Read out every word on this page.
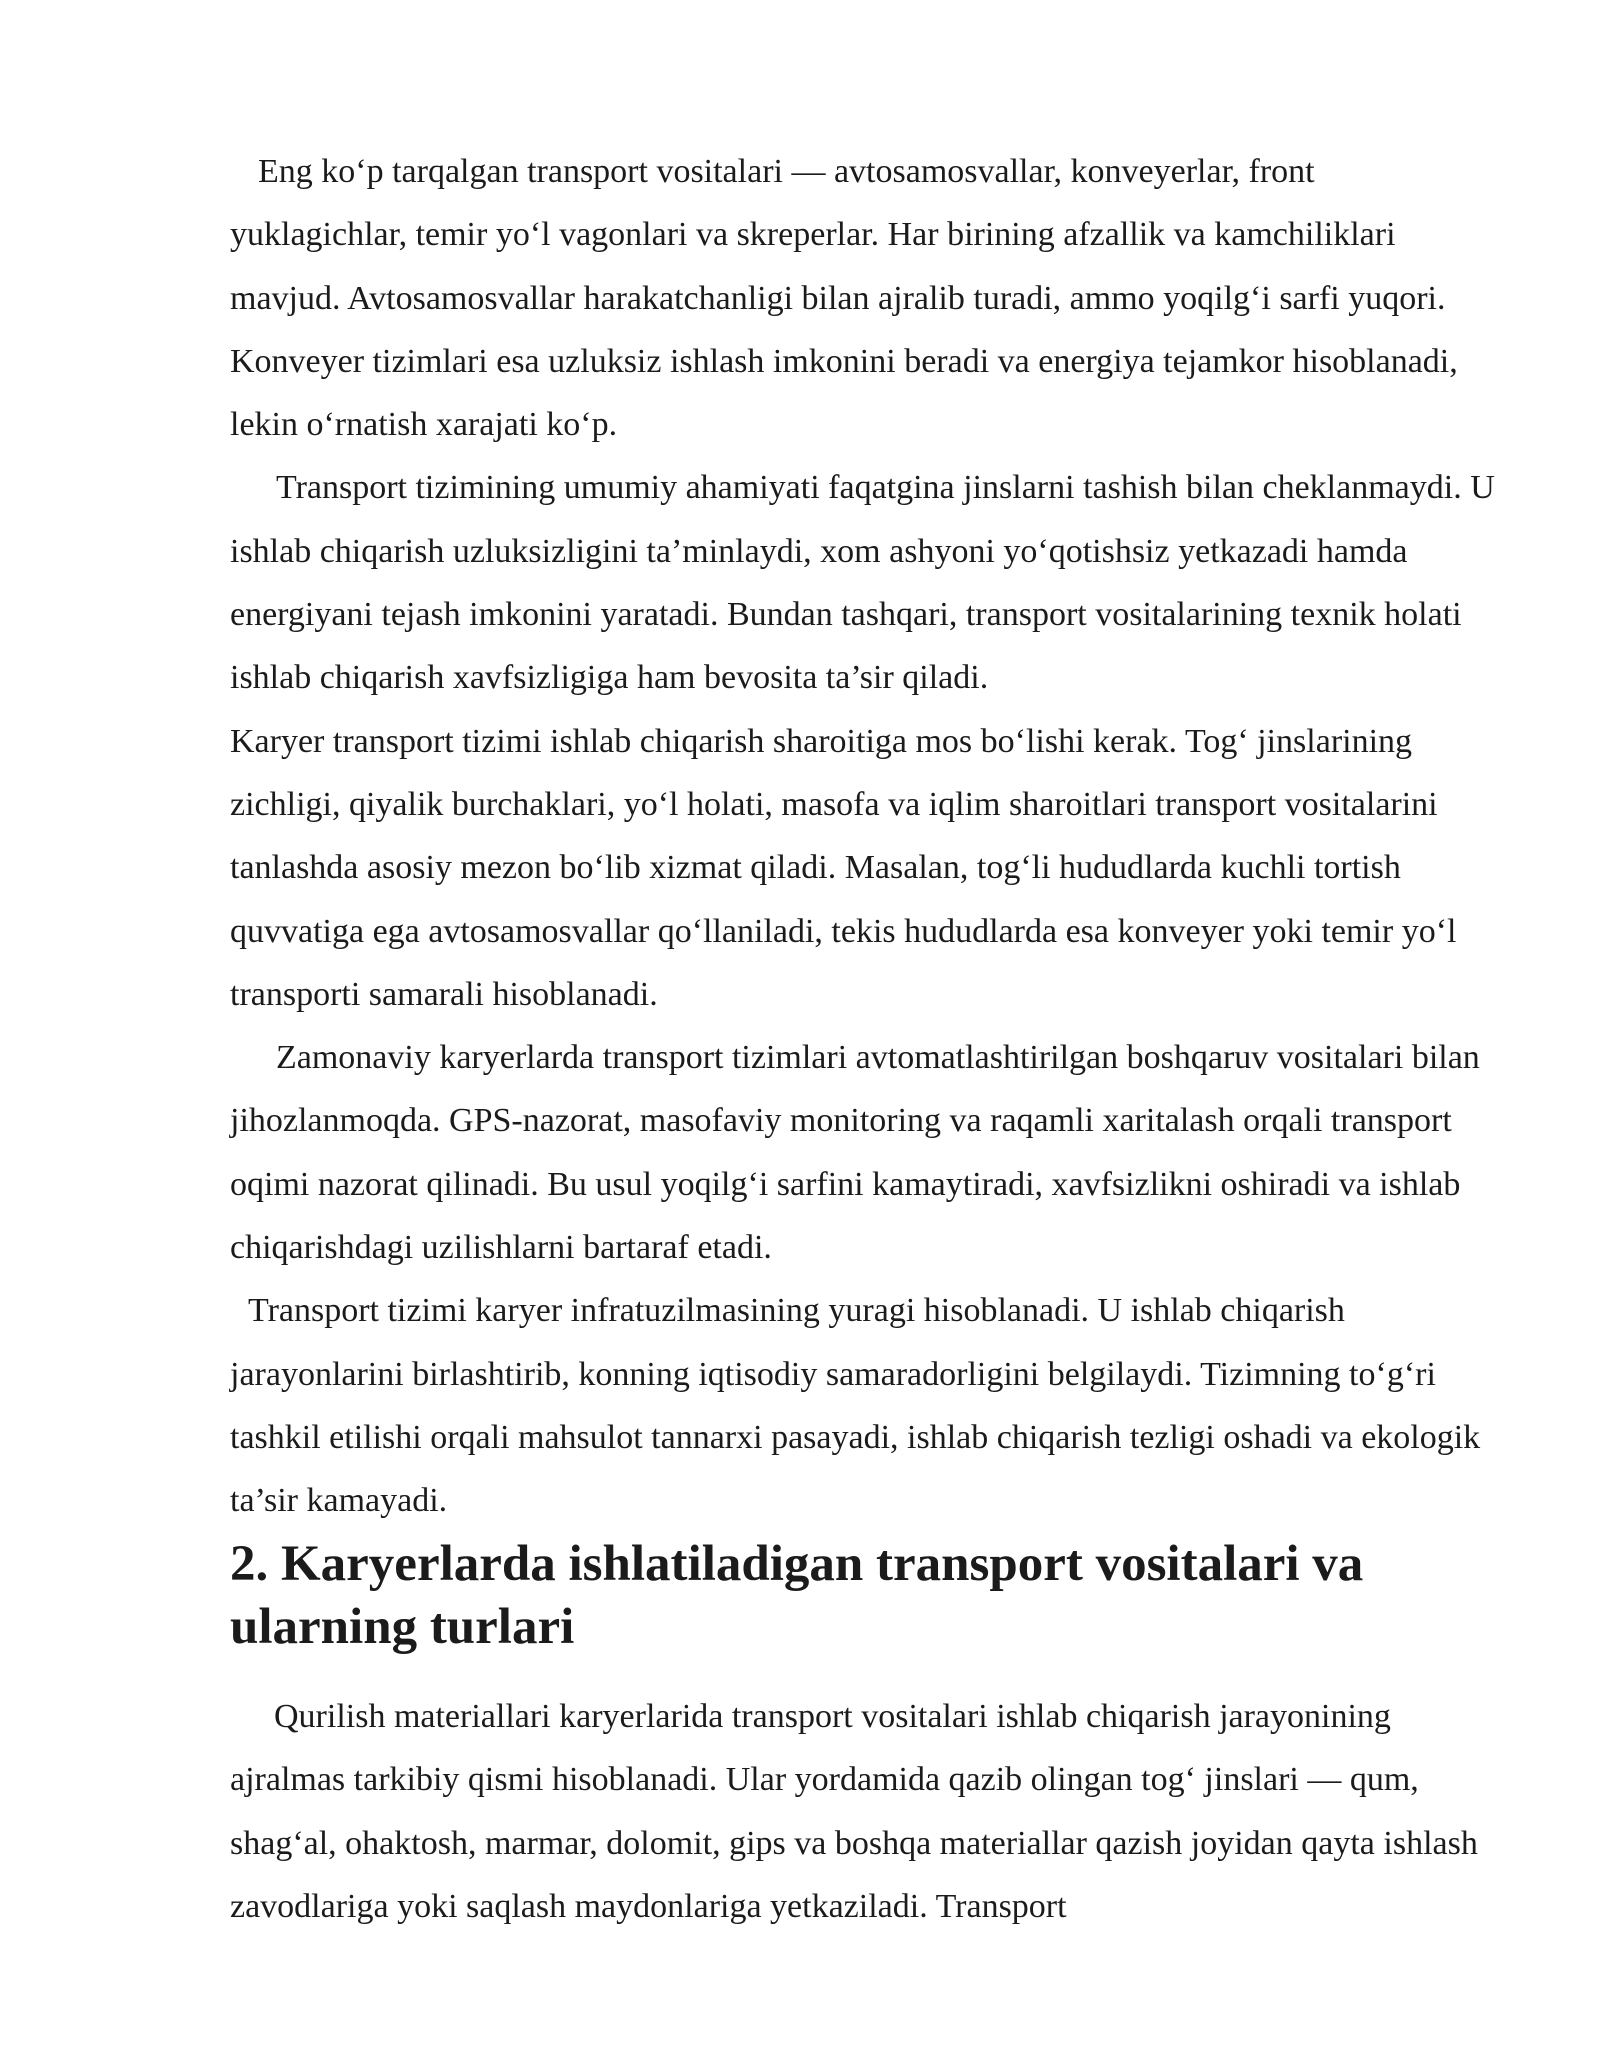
Eng ko‘p tarqalgan transport vositalari — avtosamosvallar, konveyerlar, front yuklagichlar, temir yo‘l vagonlari va skreperlar. Har birining afzallik va kamchiliklari mavjud. Avtosamosvallar harakatchanligi bilan ajralib turadi, ammo yoqilg‘i sarfi yuqori. Konveyer tizimlari esa uzluksiz ishlash imkonini beradi va energiya tejamkor hisoblanadi, lekin o‘rnatish xarajati ko‘p.

Transport tizimining umumiy ahamiyati faqatgina jinslarni tashish bilan cheklanmaydi. U ishlab chiqarish uzluksizligini ta’minlaydi, xom ashyoni yo‘qotishsiz yetkazadi hamda energiyani tejash imkonini yaratadi. Bundan tashqari, transport vositalarining texnik holati ishlab chiqarish xavfsizligiga ham bevosita ta’sir qiladi.

Karyer transport tizimi ishlab chiqarish sharoitiga mos bo‘lishi kerak. Tog‘ jinslarining zichligi, qiyalik burchaklari, yo‘l holati, masofa va iqlim sharoitlari transport vositalarini tanlashda asosiy mezon bo‘lib xizmat qiladi. Masalan, tog‘li hududlarda kuchli tortish quvvatiga ega avtosamosvallar qo‘llaniladi, tekis hududlarda esa konveyer yoki temir yo‘l transporti samarali hisoblanadi.

Zamonaviy karyerlarda transport tizimlari avtomatlashtirilgan boshqaruv vositalari bilan jihozlanmoqda. GPS-nazorat, masofaviy monitoring va raqamli xaritalash orqali transport oqimi nazorat qilinadi. Bu usul yoqilg‘i sarfini kamaytiradi, xavfsizlikni oshiradi va ishlab chiqarishdagi uzilishlarni bartaraf etadi.

Transport tizimi karyer infratuzilmasining yuragi hisoblanadi. U ishlab chiqarish jarayonlarini birlashtirib, konning iqtisodiy samaradorligini belgilaydi. Tizimning to‘g‘ri tashkil etilishi orqali mahsulot tannarxi pasayadi, ishlab chiqarish tezligi oshadi va ekologik ta’sir kamayadi.

2. Karyerlarda ishlatiladigan transport vositalari va ularning turlari

Qurilish materiallari karyerlarida transport vositalari ishlab chiqarish jarayonining ajralmas tarkibiy qismi hisoblanadi. Ular yordamida qazib olingan tog‘ jinslari — qum, shag‘al, ohaktosh, marmar, dolomit, gips va boshqa materiallar qazish joyidan qayta ishlash zavodlariga yoki saqlash maydonlariga yetkaziladi. Transport
